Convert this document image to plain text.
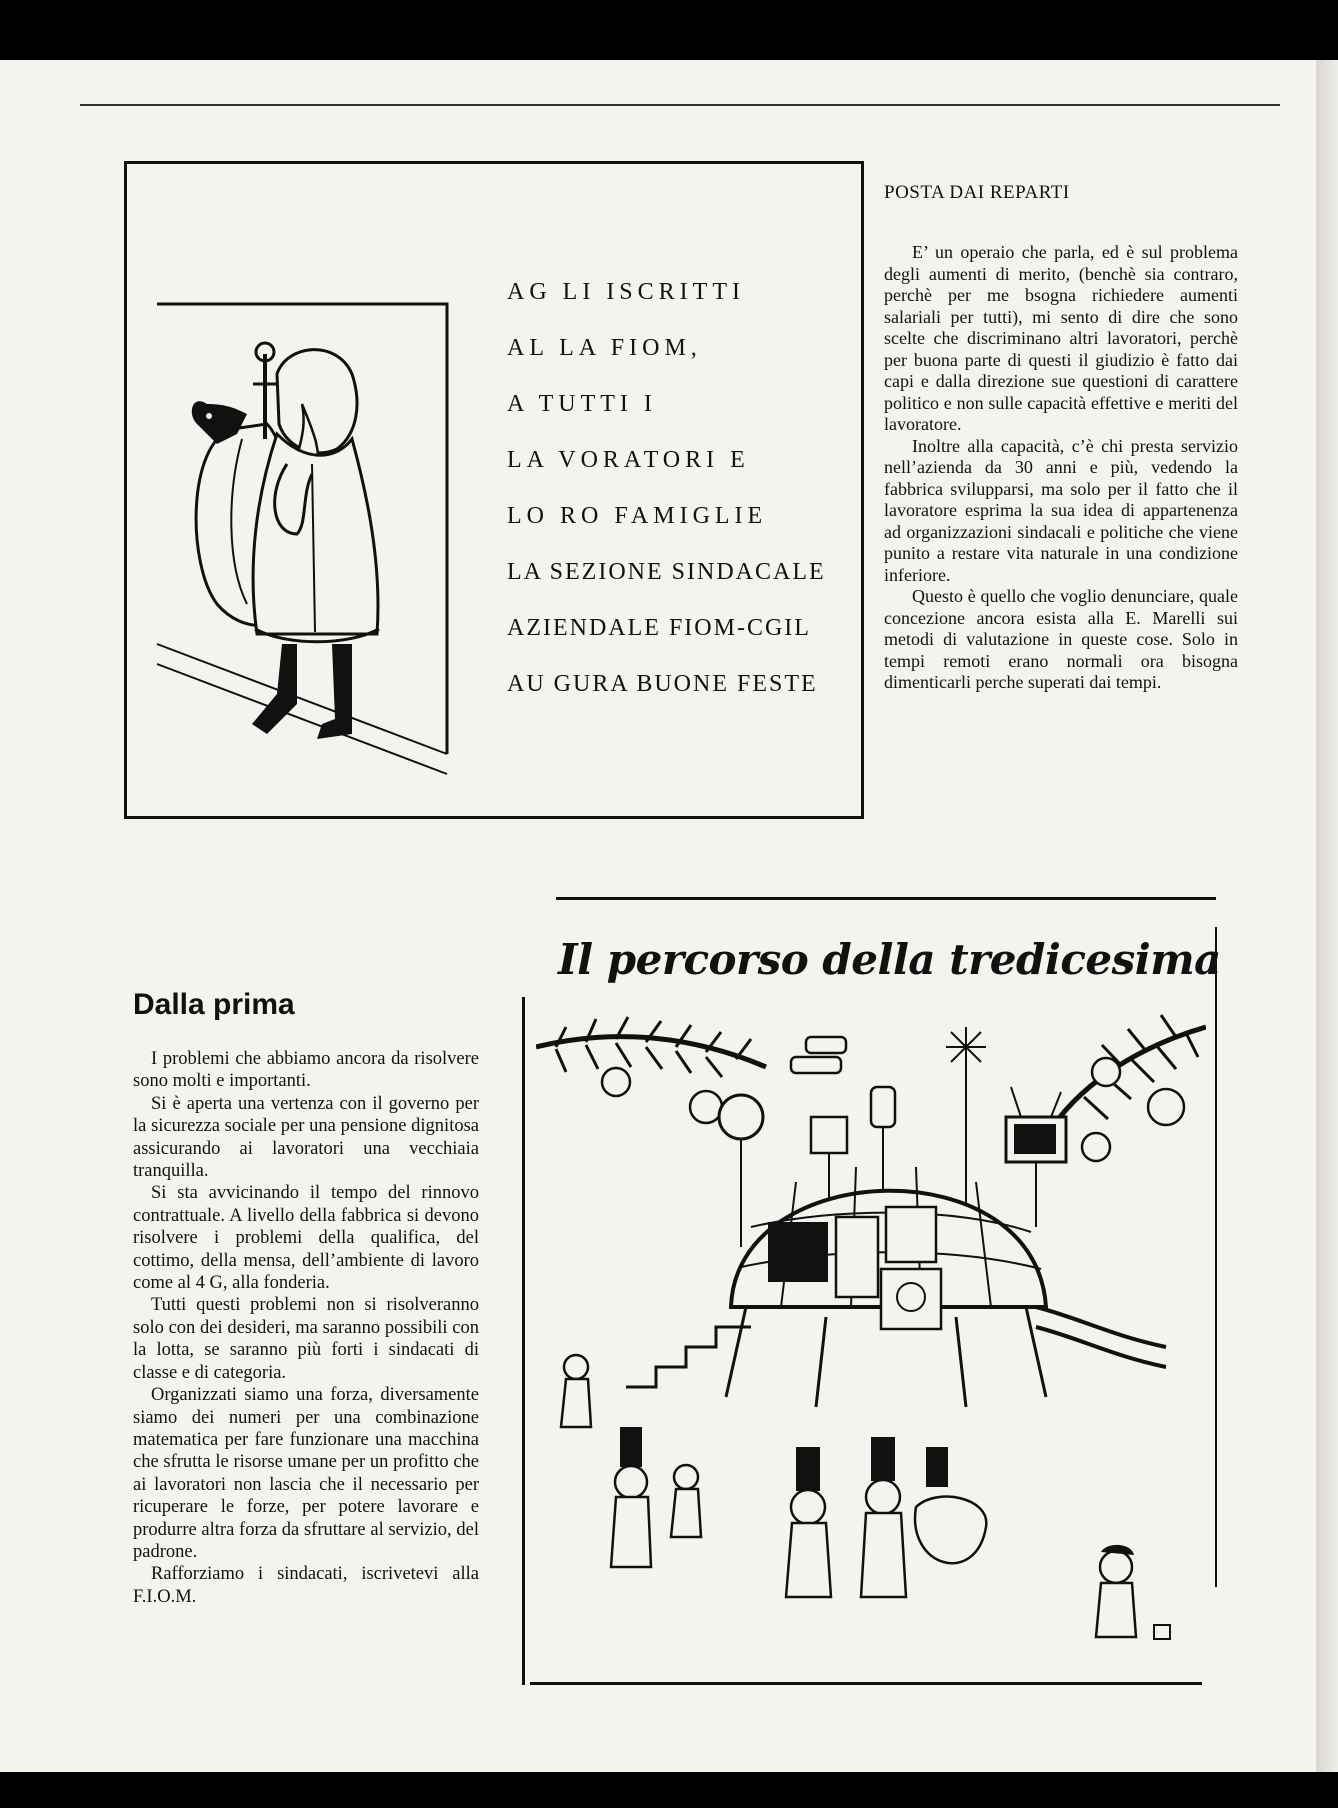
AG LI ISCRITTI
AL LA FIOM,
A TUTTI I
LA VORATORI E
LO RO FAMIGLIE
LA SEZIONE SINDACALE
AZIENDALE FIOM-CGIL
AU GURA BUONE FESTE
POSTA DAI REPARTI

E’ un operaio che parla, ed è sul problema degli aumenti di merito, (benchè sia contraro, perchè per me bsogna richiedere aumenti salariali per tutti), mi sento di dire che sono scelte che discriminano altri lavoratori, perchè per buona parte di questi il giudizio è fatto dai capi e dalla direzione sue questioni di carattere politico e non sulle capacità effettive e meriti del lavoratore.

Inoltre alla capacità, c’è chi presta servizio nell’azienda da 30 anni e più, vedendo la fabbrica svilupparsi, ma solo per il fatto che il lavoratore esprima la sua idea di appartenenza ad organizzazioni sindacali e politiche che viene punito a restare vita naturale in una condizione inferiore.

Questo è quello che voglio denunciare, quale concezione ancora esista alla E. Marelli sui metodi di valutazione in queste cose. Solo in tempi remoti erano normali ora bisogna dimenticarli perche superati dai tempi.

Dalla prima

I problemi che abbiamo ancora da risolvere sono molti e importanti.

Si è aperta una vertenza con il governo per la sicurezza sociale per una pensione dignitosa assicurando ai lavoratori una vecchiaia tranquilla.

Si sta avvicinando il tempo del rinnovo contrattuale. A livello della fabbrica si devono risolvere i problemi della qualifica, del cottimo, della mensa, dell’ambiente di lavoro come al 4 G, alla fonderia.

Tutti questi problemi non si risolveranno solo con dei desideri, ma saranno possibili con la lotta, se saranno più forti i sindacati di classe e di categoria.

Organizzati siamo una forza, diversamente siamo dei numeri per una combinazione matematica per fare funzionare una macchina che sfrutta le risorse umane per un profitto che ai lavoratori non lascia che il necessario per ricuperare le forze, per potere lavorare e produrre altra forza da sfruttare al servizio, del padrone.

Rafforziamo i sindacati, iscrivetevi alla F.I.O.M.

Il percorso della tredicesima
